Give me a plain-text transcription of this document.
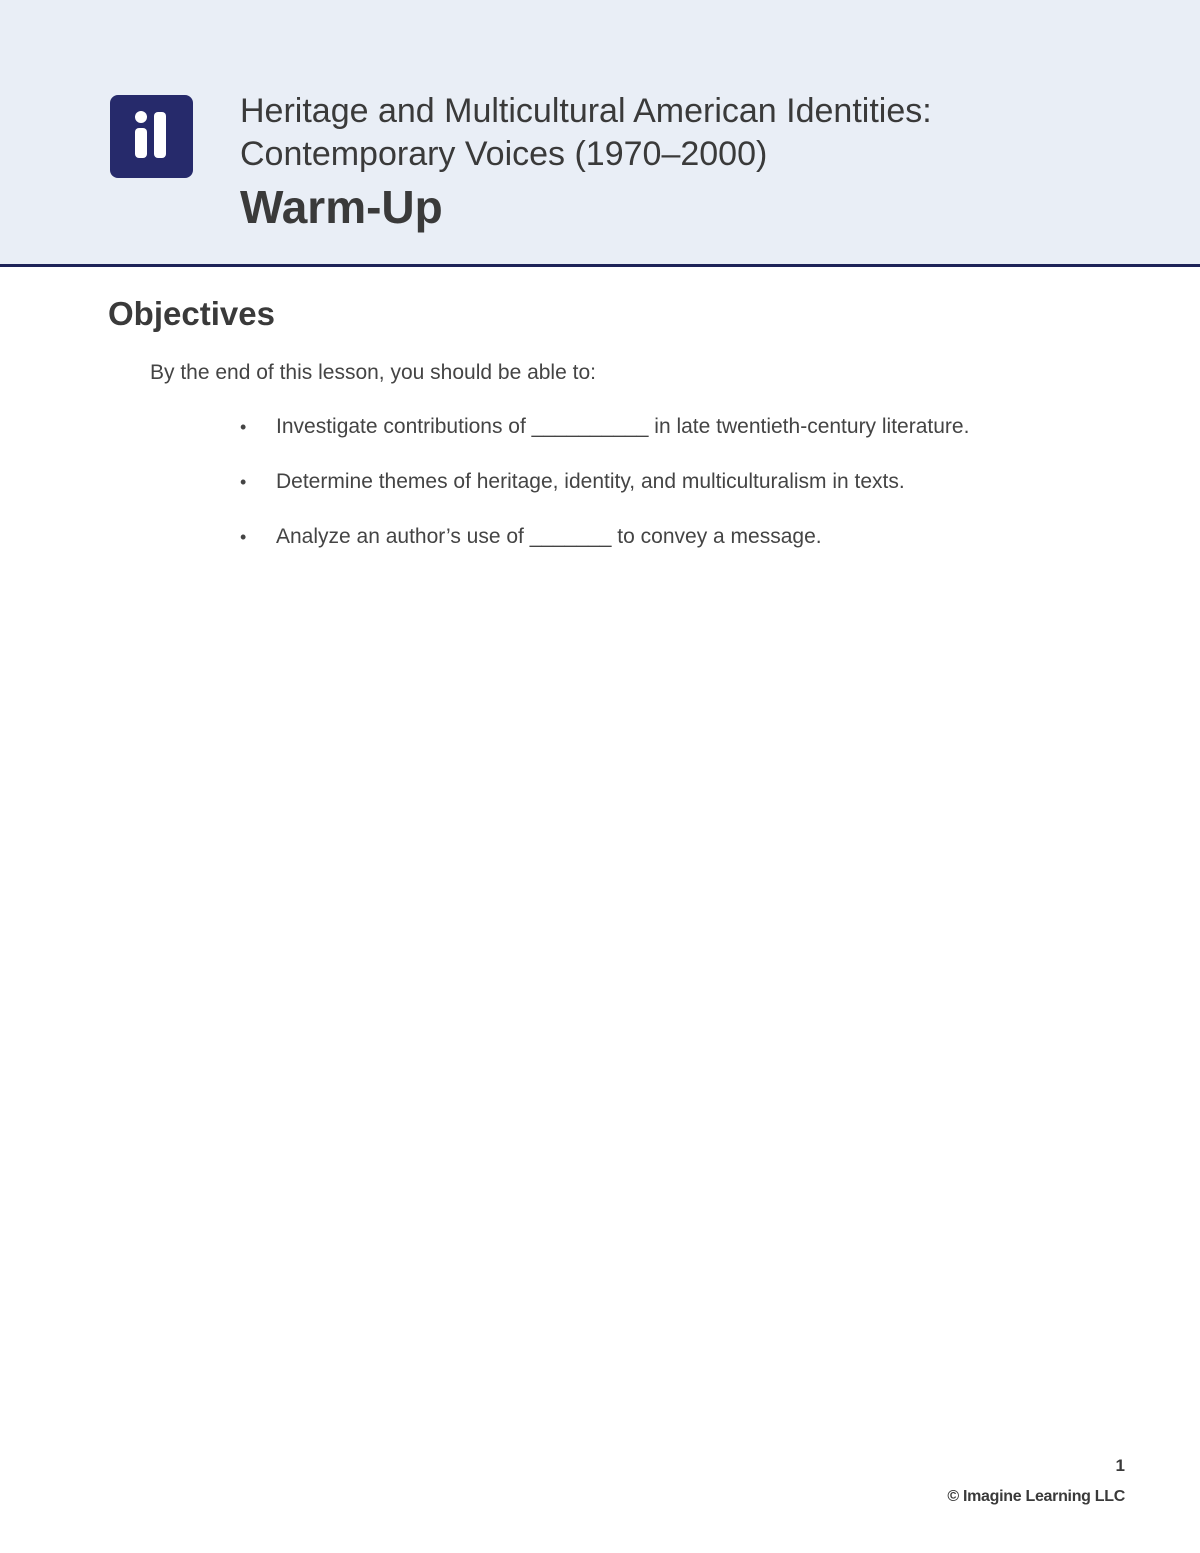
Heritage and Multicultural American Identities:
Contemporary Voices (1970–2000)
Warm-Up
Objectives
By the end of this lesson, you should be able to:
• Investigate contributions of __________ in late twentieth-century literature.
• Determine themes of heritage, identity, and multiculturalism in texts.
• Analyze an author’s use of _______ to convey a message.
1
© Imagine Learning LLC
